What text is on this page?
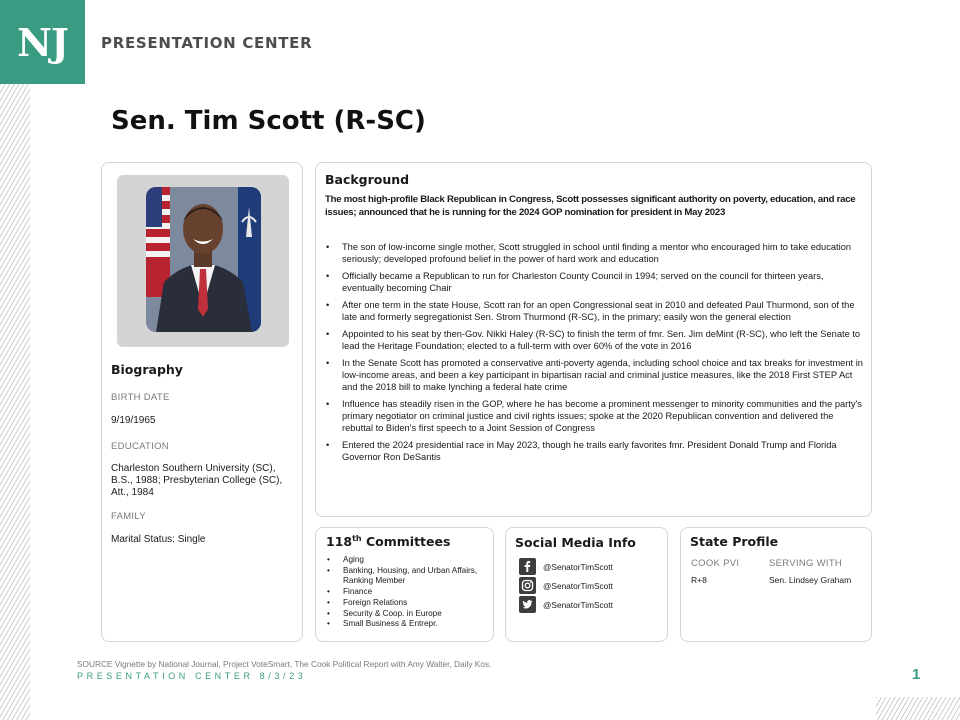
NJ	PRESENTATION CENTER
Sen. Tim Scott (R-SC)
Biography
BIRTH DATE
9/19/1965
EDUCATION
Charleston Southern University (SC), B.S., 1988; Presbyterian College (SC), Att., 1984
FAMILY
Marital Status: Single
Background

The most high-profile Black Republican in Congress, Scott possesses significant authority on poverty, education, and race issues; announced that he is running for the 2024 GOP nomination for president in May 2023

• The son of low-income single mother, Scott struggled in school until finding a mentor who encouraged him to take education seriously; developed profound belief in the power of hard work and education
• Officially became a Republican to run for Charleston County Council in 1994; served on the council for thirteen years, eventually becoming Chair
• After one term in the state House, Scott ran for an open Congressional seat in 2010 and defeated Paul Thurmond, son of the late and formerly segregationist Sen. Strom Thurmond (R-SC), in the primary; easily won the general election
• Appointed to his seat by then-Gov. Nikki Haley (R-SC) to finish the term of fmr. Sen. Jim deMint (R-SC), who left the Senate to lead the Heritage Foundation; elected to a full-term with over 60% of the vote in 2016
• In the Senate Scott has promoted a conservative anti-poverty agenda, including school choice and tax breaks for investment in low-income areas, and been a key participant in bipartisan racial and criminal justice measures, like the 2018 First STEP Act and the 2018 bill to make lynching a federal hate crime
• Influence has steadily risen in the GOP, where he has become a prominent messenger to minority communities and the party's primary negotiator on criminal justice and civil rights issues; spoke at the 2020 Republican convention and delivered the rebuttal to Biden's first speech to a Joint Session of Congress
• Entered the 2024 presidential race in May 2023, though he trails early favorites fmr. President Donald Trump and Florida Governor Ron DeSantis
118th Committees
• Aging
• Banking, Housing, and Urban Affairs, Ranking Member
• Finance
• Foreign Relations
• Security & Coop. in Europe
• Small Business & Entrepr.
Social Media Info
@SenatorTimScott
@SenatorTimScott
@SenatorTimScott
State Profile
COOK PVI	SERVING WITH
R+8	Sen. Lindsey Graham
SOURCE Vignette by National Journal, Project VoteSmart, The Cook Political Report with Amy Walter, Daily Kos.
PRESENTATION CENTER 8/3/23	1
